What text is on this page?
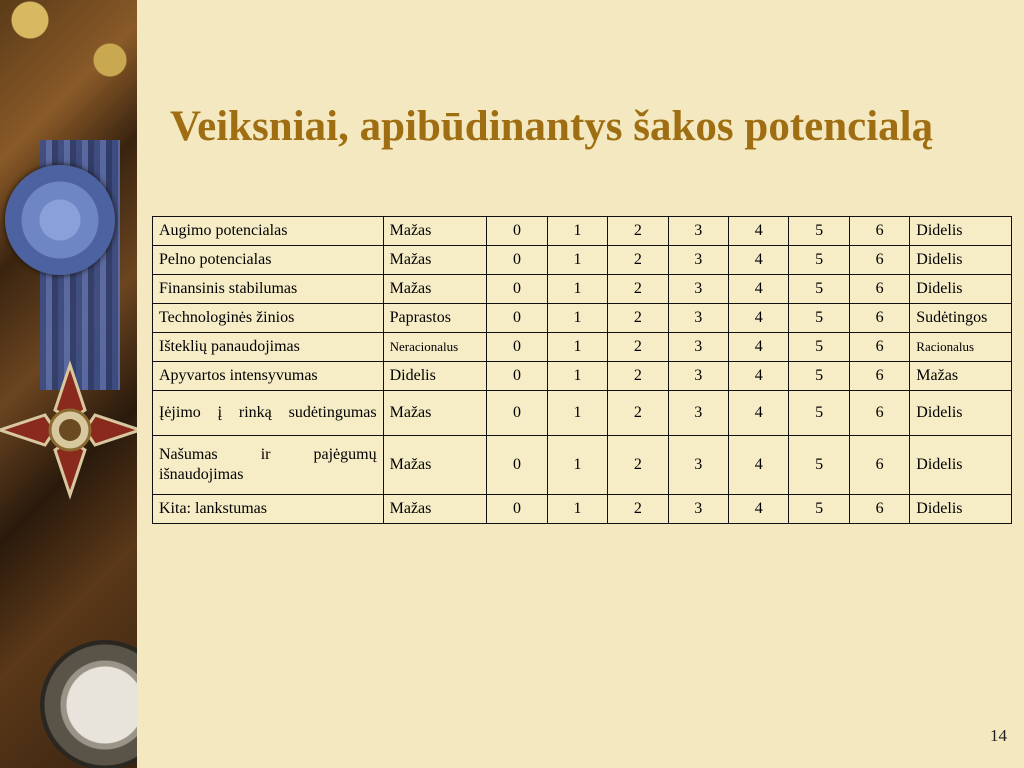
Veiksniai, apibūdinantys šakos potencialą
Augimo potencialas	Mažas	0	1	2	3	4	5	6	Didelis
Pelno potencialas	Mažas	0	1	2	3	4	5	6	Didelis
Finansinis stabilumas	Mažas	0	1	2	3	4	5	6	Didelis
Technologinės žinios	Paprastos	0	1	2	3	4	5	6	Sudėtingos
Išteklių panaudojimas	Neracionalus	0	1	2	3	4	5	6	Racionalus
Apyvartos intensyvumas	Didelis	0	1	2	3	4	5	6	Mažas
Įėjimo į rinką sudėtingumas	Mažas	0	1	2	3	4	5	6	Didelis
Našumas ir pajėgumų išnaudojimas	Mažas	0	1	2	3	4	5	6	Didelis
Kita: lankstumas	Mažas	0	1	2	3	4	5	6	Didelis
14
